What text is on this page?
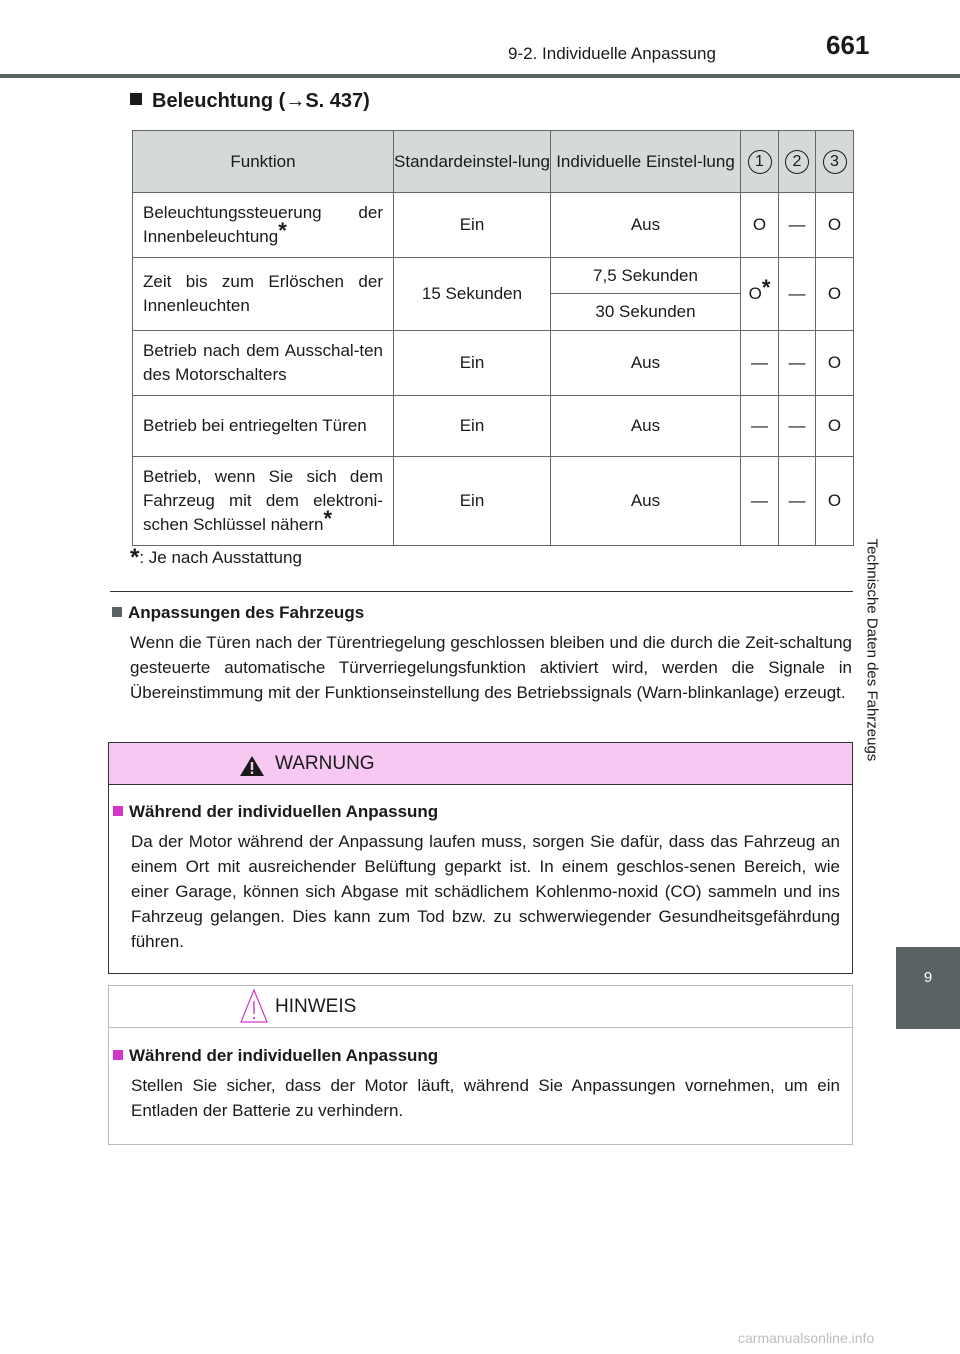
9-2. Individuelle Anpassung	661
Technische Daten des Fahrzeugs
9
Beleuchtung (→S. 437)
Funktion	Standardeinstel-lung	Individuelle Einstel-lung	1	2	3
Beleuchtungssteuerung der Innenbeleuchtung*	Ein	Aus	O	—	O
Zeit bis zum Erlöschen der Innenleuchten	15 Sekunden	7,5 Sekunden	O*	—	O
		30 Sekunden			
Betrieb nach dem Ausschal-ten des Motorschalters	Ein	Aus	—	—	O
Betrieb bei entriegelten Türen	Ein	Aus	—	—	O
Betrieb, wenn Sie sich dem Fahrzeug mit dem elektroni-schen Schlüssel nähern*	Ein	Aus	—	—	O
*: Je nach Ausstattung
Anpassungen des Fahrzeugs
Wenn die Türen nach der Türentriegelung geschlossen bleiben und die durch die Zeit-schaltung gesteuerte automatische Türverriegelungsfunktion aktiviert wird, werden die Signale in Übereinstimmung mit der Funktionseinstellung des Betriebssignals (Warn-blinkanlage) erzeugt.
WARNUNG
Während der individuellen Anpassung
Da der Motor während der Anpassung laufen muss, sorgen Sie dafür, dass das Fahrzeug an einem Ort mit ausreichender Belüftung geparkt ist. In einem geschlos-senen Bereich, wie einer Garage, können sich Abgase mit schädlichem Kohlenmo-noxid (CO) sammeln und ins Fahrzeug gelangen. Dies kann zum Tod bzw. zu schwerwiegender Gesundheitsgefährdung führen.
HINWEIS
Während der individuellen Anpassung
Stellen Sie sicher, dass der Motor läuft, während Sie Anpassungen vornehmen, um ein Entladen der Batterie zu verhindern.
carmanualsonline.info
